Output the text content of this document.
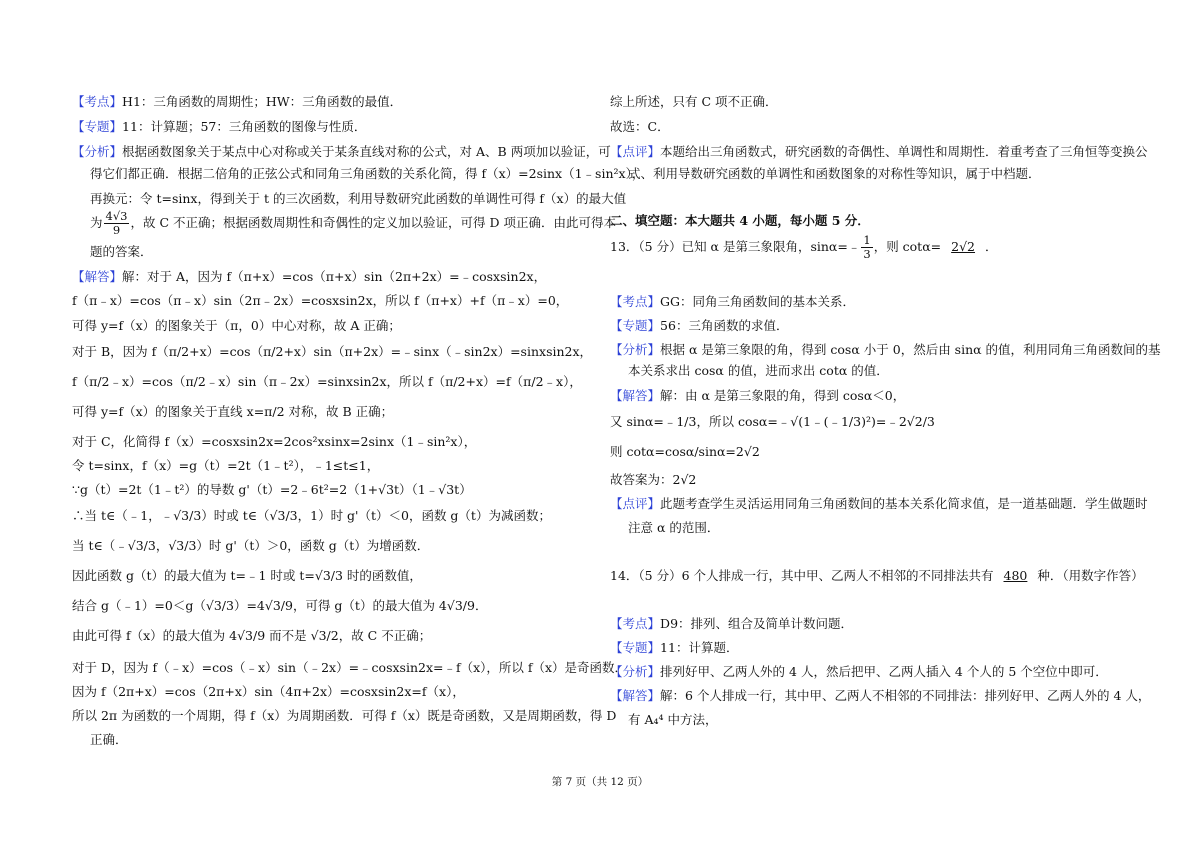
【 考点 】 H1：三角函数的周期性；HW：三角函数的最值．
【 专题 】 11：计算题；57：三角函数的图像与性质．
【 分析 】 根据函数图象关于某点中心对称或关于某条直线对称的公式，对 A、B 两项加以验证，可
得它们都正确．根据二倍角的正弦公式和同角三角函数的关系化简，得 f（x）=2sinx（1﹣sin²x），
再换元：令 t=sinx，得到关于 t 的三次函数，利用导数研究此函数的单调性可得 f（x）的最大值
为 $\frac{4√3}{9}$ ，故 C 不正确；根据函数周期性和奇偶性的定义加以验证，可得 D 项正确．由此可得本
题的答案．
【 解答 】 解：对于 A，因为 f（π+x）=cos（π+x）sin（2π+2x）=﹣cosxsin2x，
f（π﹣x）=cos（π﹣x）sin（2π﹣2x）=cosxsin2x，所以 f（π+x）+f（π﹣x）=0，
可得 y=f（x）的图象关于（π，0）中心对称，故 A 正确；
对于 B，因为 f（π/2+x）=cos（π/2+x）sin（π+2x）=﹣sinx（﹣sin2x）=sinxsin2x，
f（π/2﹣x）=cos（π/2﹣x）sin（π﹣2x）=sinxsin2x，所以 f（π/2+x）=f（π/2﹣x），
可得 y=f（x）的图象关于直线 x=π/2 对称，故 B 正确；
对于 C，化简得 f（x）=cosxsin2x=2cos²xsinx=2sinx（1﹣sin²x），
令 t=sinx，f（x）=g（t）=2t（1﹣t²），﹣1≤t≤1，
∵g（t）=2t（1﹣t²）的导数 g'（t）=2﹣6t²=2（1+√3t）（1﹣√3t）
∴当 t∈（﹣1，﹣√3/3）时或 t∈（√3/3，1）时 g'（t）＜0，函数 g（t）为减函数；
当 t∈（﹣√3/3，√3/3）时 g'（t）＞0，函数 g（t）为增函数．
因此函数 g（t）的最大值为 t=﹣1 时或 t=√3/3 时的函数值，
结合 g（﹣1）=0＜g（√3/3）=4√3/9，可得 g（t）的最大值为 4√3/9．
由此可得 f（x）的最大值为 4√3/9 而不是 √3/2，故 C 不正确；
对于 D，因为 f（﹣x）=cos（﹣x）sin（﹣2x）=﹣cosxsin2x=﹣f（x），所以 f（x）是奇函数．
因为 f（2π+x）=cos（2π+x）sin（4π+2x）=cosxsin2x=f（x），
所以 2π 为函数的一个周期，得 f（x）为周期函数．可得 f（x）既是奇函数，又是周期函数，得 D
正确．
综上所述，只有 C 项不正确．
故选：C．
【 点评 】 本题给出三角函数式，研究函数的奇偶性、单调性和周期性．着重考查了三角恒等变换公
式、利用导数研究函数的单调性和函数图象的对称性等知识，属于中档题．
二、填空题：本大题共 4 小题，每小题 5 分．
13．（5 分）已知 α 是第三象限角，sinα=﹣ $\frac{1}{3}$ ，则 cotα= 2√2 ．
【 考点 】 GG：同角三角函数间的基本关系．
【 专题 】 56：三角函数的求值．
【 分析 】 根据 α 是第三象限的角，得到 cosα 小于 0，然后由 sinα 的值，利用同角三角函数间的基
本关系求出 cosα 的值，进而求出 cotα 的值．
【 解答 】 解：由 α 是第三象限的角，得到 cosα＜0，
又 sinα=﹣1/3，所以 cosα=﹣√(1﹣(﹣1/3)²)=﹣2√2/3
则 cotα=cosα/sinα=2√2
故答案为：2√2
【 点评 】 此题考查学生灵活运用同角三角函数间的基本关系化简求值，是一道基础题．学生做题时
注意 α 的范围．
14．（5 分）6 个人排成一行，其中甲、乙两人不相邻的不同排法共有 480 种．（用数字作答）
【 考点 】 D9：排列、组合及简单计数问题．
【 专题 】 11：计算题．
【 分析 】 排列好甲、乙两人外的 4 人，然后把甲、乙两人插入 4 个人的 5 个空位中即可．
【 解答 】 解：6 个人排成一行，其中甲、乙两人不相邻的不同排法：排列好甲、乙两人外的 4 人，
有 A₄⁴ 中方法，
第 7 页（共 12 页）
